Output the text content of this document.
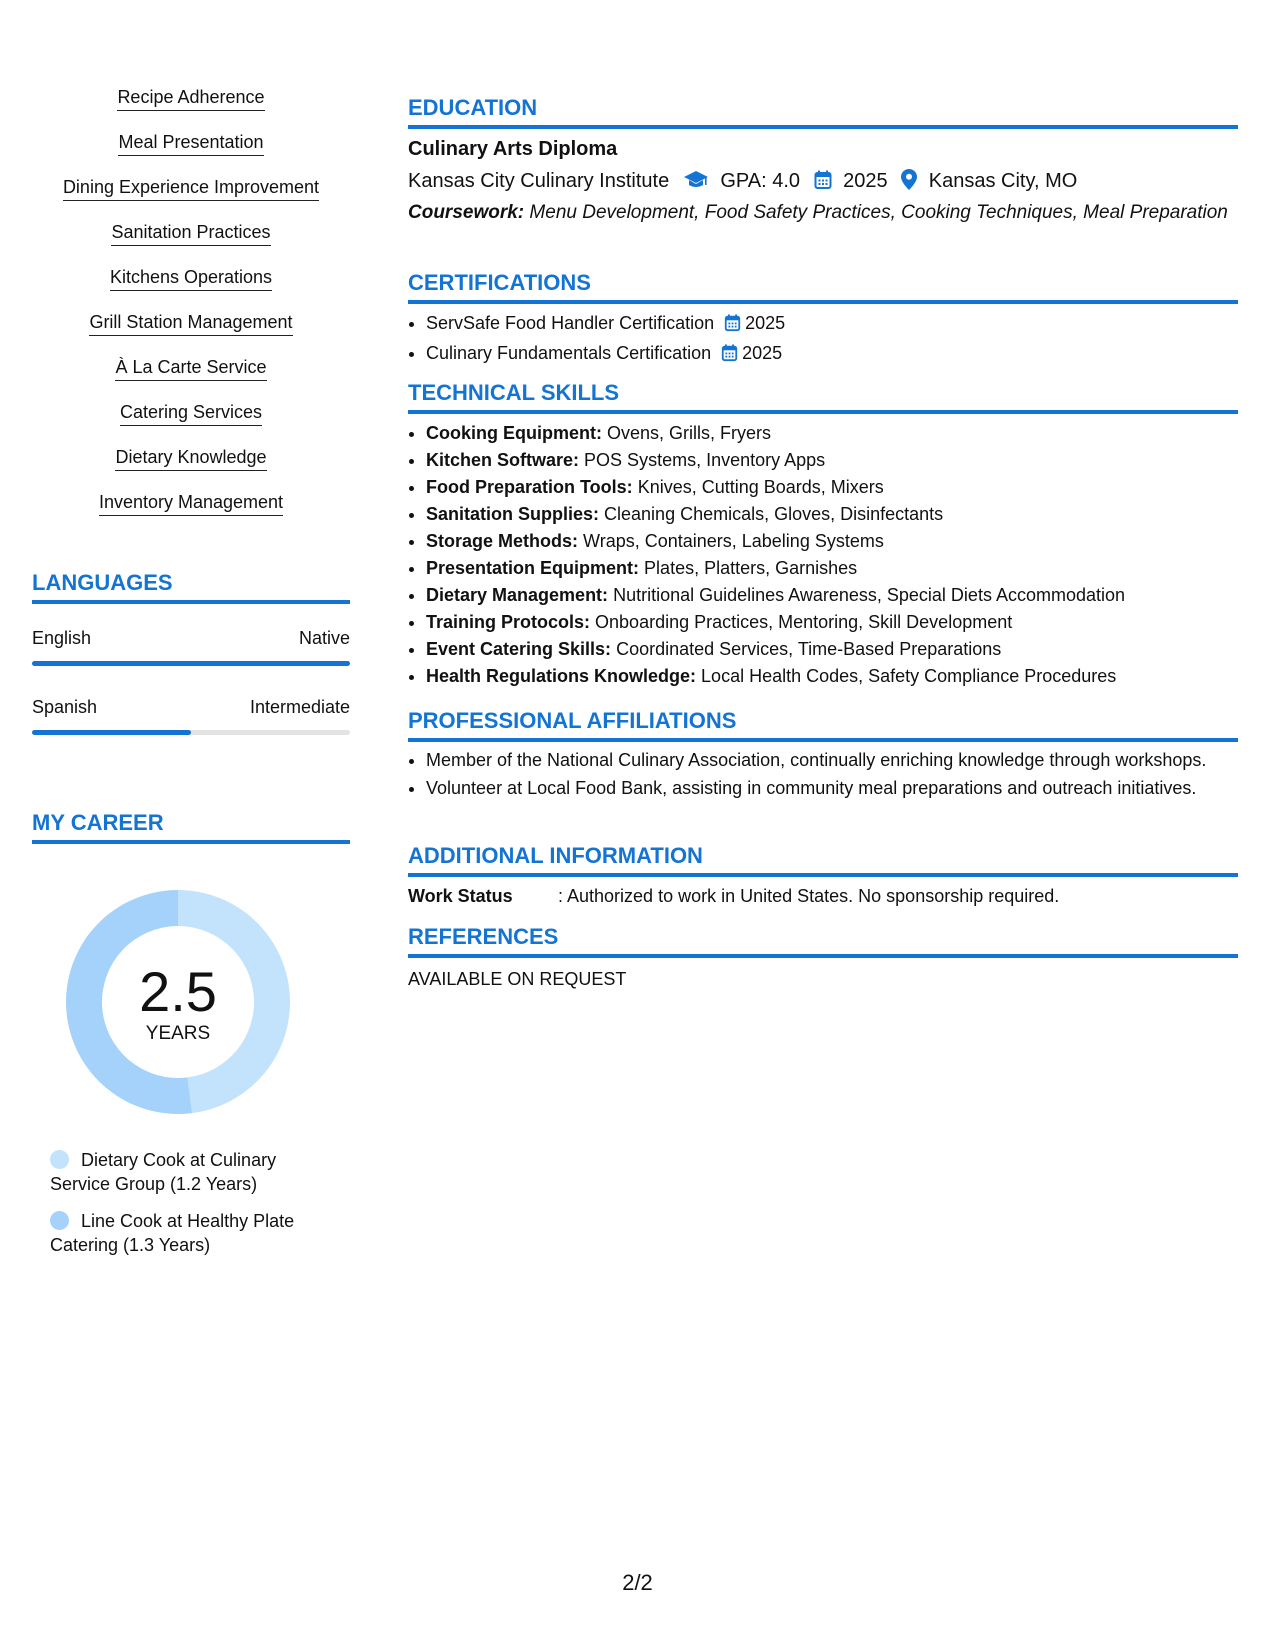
Recipe Adherence
Meal Presentation
Dining Experience Improvement
Sanitation Practices
Kitchens Operations
Grill Station Management
À La Carte Service
Catering Services
Dietary Knowledge
Inventory Management
LANGUAGES
English	Native
Spanish	Intermediate
MY CAREER
2.5
YEARS
Dietary Cook at Culinary Service Group (1.2 Years)
Line Cook at Healthy Plate Catering (1.3 Years)
EDUCATION
Culinary Arts Diploma
Kansas City Culinary Institute	GPA: 4.0 2025 Kansas City, MO
Coursework: Menu Development, Food Safety Practices, Cooking Techniques, Meal Preparation
CERTIFICATIONS
• ServSafe Food Handler Certification 2025
• Culinary Fundamentals Certification 2025
TECHNICAL SKILLS
• Cooking Equipment: Ovens, Grills, Fryers
• Kitchen Software: POS Systems, Inventory Apps
• Food Preparation Tools: Knives, Cutting Boards, Mixers
• Sanitation Supplies: Cleaning Chemicals, Gloves, Disinfectants
• Storage Methods: Wraps, Containers, Labeling Systems
• Presentation Equipment: Plates, Platters, Garnishes
• Dietary Management: Nutritional Guidelines Awareness, Special Diets Accommodation
• Training Protocols: Onboarding Practices, Mentoring, Skill Development
• Event Catering Skills: Coordinated Services, Time-Based Preparations
• Health Regulations Knowledge: Local Health Codes, Safety Compliance Procedures
PROFESSIONAL AFFILIATIONS
• Member of the National Culinary Association, continually enriching knowledge through workshops.
• Volunteer at Local Food Bank, assisting in community meal preparations and outreach initiatives.
ADDITIONAL INFORMATION
Work Status	: Authorized to work in United States. No sponsorship required.
REFERENCES
AVAILABLE ON REQUEST
2/2
